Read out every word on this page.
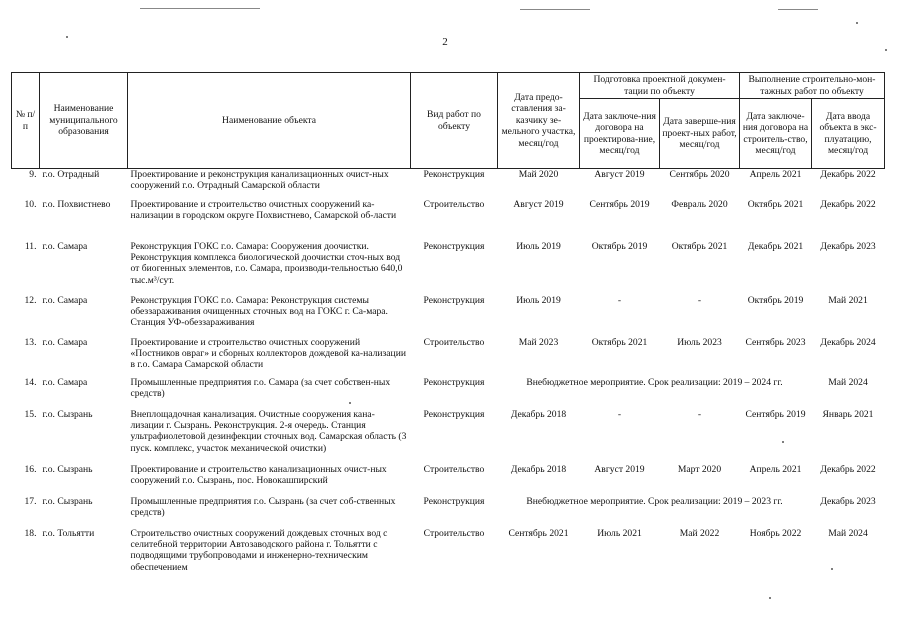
2
№ п/п	Наименование муниципального образования	Наименование объекта	Вид работ по объекту	Дата предо-ставления за-казчику зе-мельного участка, месяц/год	Подготовка проектной докумен-тации по объекту		Выполнение строительно-мон-тажных работ по объекту	
					Дата заключе-ния договора на проектирова-ние, месяц/год	Дата заверше-ния проект-ных работ, месяц/год	Дата заключе-ния договора на строитель-ство, месяц/год	Дата ввода объекта в экс-плуатацию, месяц/год
9.	г.о. Отрадный	Проектирование и реконструкция канализационных очист-ных сооружений г.о. Отрадный Самарской области	Реконструкция	Май 2020	Август 2019	Сентябрь 2020	Апрель 2021	Декабрь 2022
10.	г.о. Похвистнево	Проектирование и строительство очистных сооружений ка-нализации в городском округе Похвистнево, Самарской об-ласти	Строительство	Август 2019	Сентябрь 2019	Февраль 2020	Октябрь 2021	Декабрь 2022
11.	г.о. Самара	Реконструкция ГОКС г.о. Самара: Сооружения доочистки. Реконструкция комплекса биологической доочистки сточ-ных вод от биогенных элементов, г.о. Самара, производи-тельностью 640,0 тыс.м³/сут.	Реконструкция	Июль 2019	Октябрь 2019	Октябрь 2021	Декабрь 2021	Декабрь 2023
12.	г.о. Самара	Реконструкция ГОКС г.о. Самара: Реконструкция системы обеззараживания очищенных сточных вод на ГОКС г. Са-мара. Станция УФ-обеззараживания	Реконструкция	Июль 2019	-	-	Октябрь 2019	Май 2021
13.	г.о. Самара	Проектирование и строительство очистных сооружений «Постников овраг» и сборных коллекторов дождевой ка-нализации в г.о. Самара Самарской области	Строительство	Май 2023	Октябрь 2021	Июль 2023	Сентябрь 2023	Декабрь 2024
14.	г.о. Самара	Промышленные предприятия г.о. Самара (за счет собствен-ных средств)	Реконструкция	Внебюджетное мероприятие. Срок реализации: 2019 – 2024 гг.				Май 2024
15.	г.о. Сызрань	Внеплощадочная канализация. Очистные сооружения кана-лизации г. Сызрань. Реконструкция. 2-я очередь. Станция ультрафиолетовой дезинфекции сточных вод. Самарская область (3 пуск. комплекс, участок механической очистки)	Реконструкция	Декабрь 2018	-	-	Сентябрь 2019	Январь 2021
16.	г.о. Сызрань	Проектирование и строительство канализационных очист-ных сооружений г.о. Сызрань, пос. Новокашпирский	Строительство	Декабрь 2018	Август 2019	Март 2020	Апрель 2021	Декабрь 2022
17.	г.о. Сызрань	Промышленные предприятия г.о. Сызрань (за счет соб-ственных средств)	Реконструкция	Внебюджетное мероприятие. Срок реализации: 2019 – 2023 гг.				Декабрь 2023
18.	г.о. Тольятти	Строительство очистных сооружений дождевых сточных вод с селитебной территории Автозаводского района г. Тольятти с подводящими трубопроводами и инженерно-техническим обеспечением	Строительство	Сентябрь 2021	Июль 2021	Май 2022	Ноябрь 2022	Май 2024
